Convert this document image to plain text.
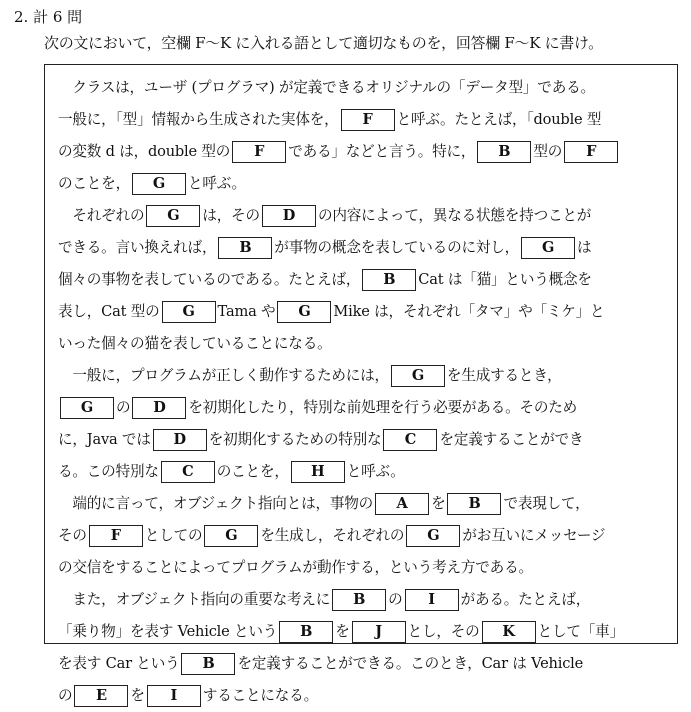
2. 計 6 問
次の文において，空欄 F〜K に入れる語として適切なものを，回答欄 F〜K に書け。
　クラスは，ユーザ (プログラマ) が定義できるオリジナルの「データ型」である。
一般に，「型」情報から生成された実体を， F と呼ぶ。たとえば，「double 型
の変数 d は，double 型の F である」などと言う。特に， B 型の F
のことを， G と呼ぶ。
　それぞれの G は，その D の内容によって，異なる状態を持つことが
できる。言い換えれば， B が事物の概念を表しているのに対し， G は
個々の事物を表しているのである。たとえば， B Cat は「猫」という概念を
表し，Cat 型の G Tama や G Mike は，それぞれ「タマ」や「ミケ」と
いった個々の猫を表していることになる。
　一般に，プログラムが正しく動作するためには， G を生成するとき，
G の D を初期化したり，特別な前処理を行う必要がある。そのため
に，Java では D を初期化するための特別な C を定義することができ
る。この特別な C のことを， H と呼ぶ。
　端的に言って，オブジェクト指向とは，事物の A を B で表現して，
その F としての G を生成し，それぞれの G がお互いにメッセージ
の交信をすることによってプログラムが動作する，という考え方である。
　また，オブジェクト指向の重要な考えに B の I がある。たとえば，
「乗り物」を表す Vehicle という B を J とし，その K として「車」
を表す Car という B を定義することができる。このとき，Car は Vehicle
の E を I することになる。
